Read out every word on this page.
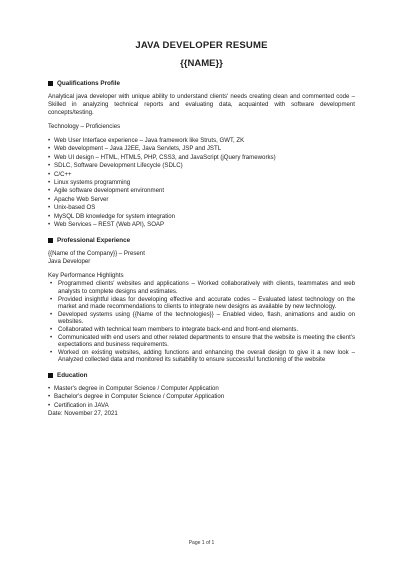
JAVA DEVELOPER RESUME
{{NAME}}
Qualifications Profile

Analytical java developer with unique ability to understand clients' needs creating clean and commented code – Skilled in analyzing technical reports and evaluating data, acquainted with software development concepts/testing.

Technology – Proficiencies

• Web User Interface experience – Java framework like Struts, GWT, ZK
• Web development – Java J2EE, Java Servlets, JSP and JSTL
• Web UI design – HTML, HTML5, PHP, CSS3, and JavaScript (jQuery frameworks)
• SDLC, Software Development Lifecycle (SDLC)
• C/C++
• Linux systems programming
• Agile software development environment
• Apache Web Server
• Unix-based OS
• MySQL DB knowledge for system integration
• Web Services – REST (Web API), SOAP
Professional Experience

{{Name of the Company}} – Present

Java Developer

Key Performance Highlights

• Programmed clients' websites and applications – Worked collaboratively with clients, teammates and web analysts to complete designs and estimates.
• Provided insightful ideas for developing effective and accurate codes – Evaluated latest technology on the market and made recommendations to clients to integrate new designs as available by new technology.
• Developed systems using {{Name of the technologies}} – Enabled video, flash, animations and audio on websites.
• Collaborated with technical team members to integrate back-end and front-end elements.
• Communicated with end users and other related departments to ensure that the website is meeting the client's expectations and business requirements.
• Worked on existing websites, adding functions and enhancing the overall design to give it a new look – Analyzed collected data and monitored its suitability to ensure successful functioning of the website
Education
• Master's degree in Computer Science / Computer Application
• Bachelor's degree in Computer Science / Computer Application
• Certification in JAVA

Date: November 27, 2021

Page 1 of 1
